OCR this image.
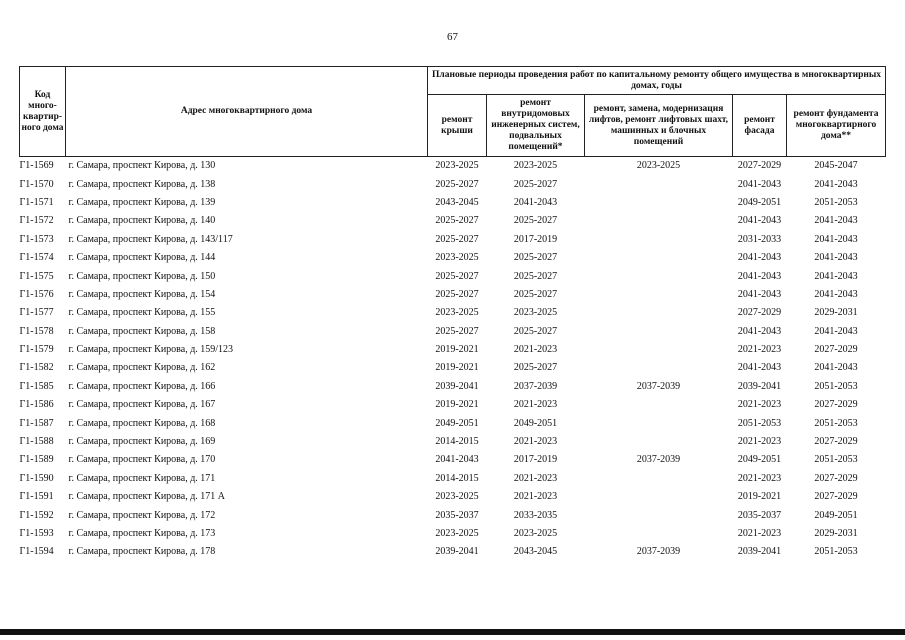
67
Код много-квартир-ного дома	Адрес многоквартирного дома	Плановые периоды проведения работ по капитальному ремонту общего имущества в многоквартирных домах, годы				
		ремонт крыши	ремонт внутридомовых инженерных систем, подвальных помещений*	ремонт, замена, модернизация лифтов, ремонт лифтовых шахт, машинных и блочных помещений	ремонт фасада	ремонт фундамента многоквартирного дома**
Г1-1569	г. Самара, проспект Кирова, д. 130	2023-2025	2023-2025	2023-2025	2027-2029	2045-2047
Г1-1570	г. Самара, проспект Кирова, д. 138	2025-2027	2025-2027		2041-2043	2041-2043
Г1-1571	г. Самара, проспект Кирова, д. 139	2043-2045	2041-2043		2049-2051	2051-2053
Г1-1572	г. Самара, проспект Кирова, д. 140	2025-2027	2025-2027		2041-2043	2041-2043
Г1-1573	г. Самара, проспект Кирова, д. 143/117	2025-2027	2017-2019		2031-2033	2041-2043
Г1-1574	г. Самара, проспект Кирова, д. 144	2023-2025	2025-2027		2041-2043	2041-2043
Г1-1575	г. Самара, проспект Кирова, д. 150	2025-2027	2025-2027		2041-2043	2041-2043
Г1-1576	г. Самара, проспект Кирова, д. 154	2025-2027	2025-2027		2041-2043	2041-2043
Г1-1577	г. Самара, проспект Кирова, д. 155	2023-2025	2023-2025		2027-2029	2029-2031
Г1-1578	г. Самара, проспект Кирова, д. 158	2025-2027	2025-2027		2041-2043	2041-2043
Г1-1579	г. Самара, проспект Кирова, д. 159/123	2019-2021	2021-2023		2021-2023	2027-2029
Г1-1582	г. Самара, проспект Кирова, д. 162	2019-2021	2025-2027		2041-2043	2041-2043
Г1-1585	г. Самара, проспект Кирова, д. 166	2039-2041	2037-2039	2037-2039	2039-2041	2051-2053
Г1-1586	г. Самара, проспект Кирова, д. 167	2019-2021	2021-2023		2021-2023	2027-2029
Г1-1587	г. Самара, проспект Кирова, д. 168	2049-2051	2049-2051		2051-2053	2051-2053
Г1-1588	г. Самара, проспект Кирова, д. 169	2014-2015	2021-2023		2021-2023	2027-2029
Г1-1589	г. Самара, проспект Кирова, д. 170	2041-2043	2017-2019	2037-2039	2049-2051	2051-2053
Г1-1590	г. Самара, проспект Кирова, д. 171	2014-2015	2021-2023		2021-2023	2027-2029
Г1-1591	г. Самара, проспект Кирова, д. 171 А	2023-2025	2021-2023		2019-2021	2027-2029
Г1-1592	г. Самара, проспект Кирова, д. 172	2035-2037	2033-2035		2035-2037	2049-2051
Г1-1593	г. Самара, проспект Кирова, д. 173	2023-2025	2023-2025		2021-2023	2029-2031
Г1-1594	г. Самара, проспект Кирова, д. 178	2039-2041	2043-2045	2037-2039	2039-2041	2051-2053
